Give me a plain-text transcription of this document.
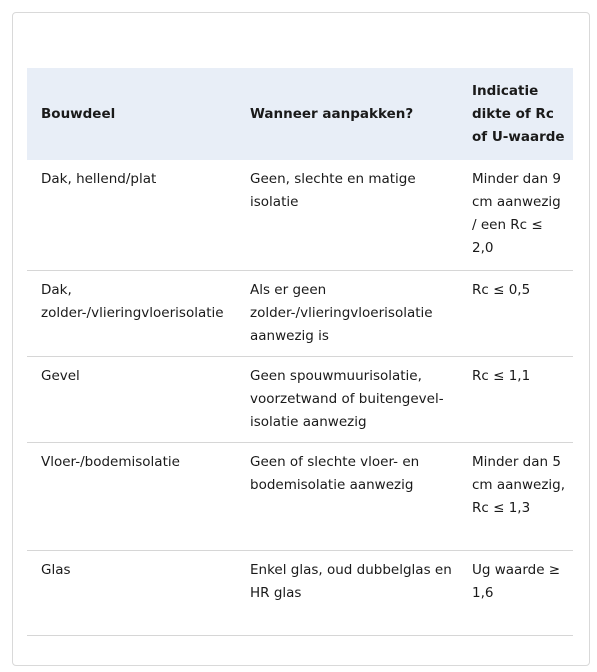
Bouwdeel	Wanneer aanpakken?	Indicatie dikte of Rc of U-waarde
Dak, hellend/plat	Geen, slechte en matige isolatie	Minder dan 9 cm aanwezig / een Rc ≤ 2,0
Dak, zolder-/vlieringvloerisolatie	Als er geen zolder-/vlieringvloerisolatie aanwezig is	Rc ≤ 0,5
Gevel	Geen spouwmuurisolatie, voorzetwand of buitengevelisolatie aanwezig	Rc ≤ 1,1
Vloer-/bodemisolatie	Geen of slechte vloer- en bodemisolatie aanwezig	Minder dan 5 cm aanwezig, Rc ≤ 1,3
Glas	Enkel glas, oud dubbelglas en HR glas	Ug waarde ≥ 1,6
